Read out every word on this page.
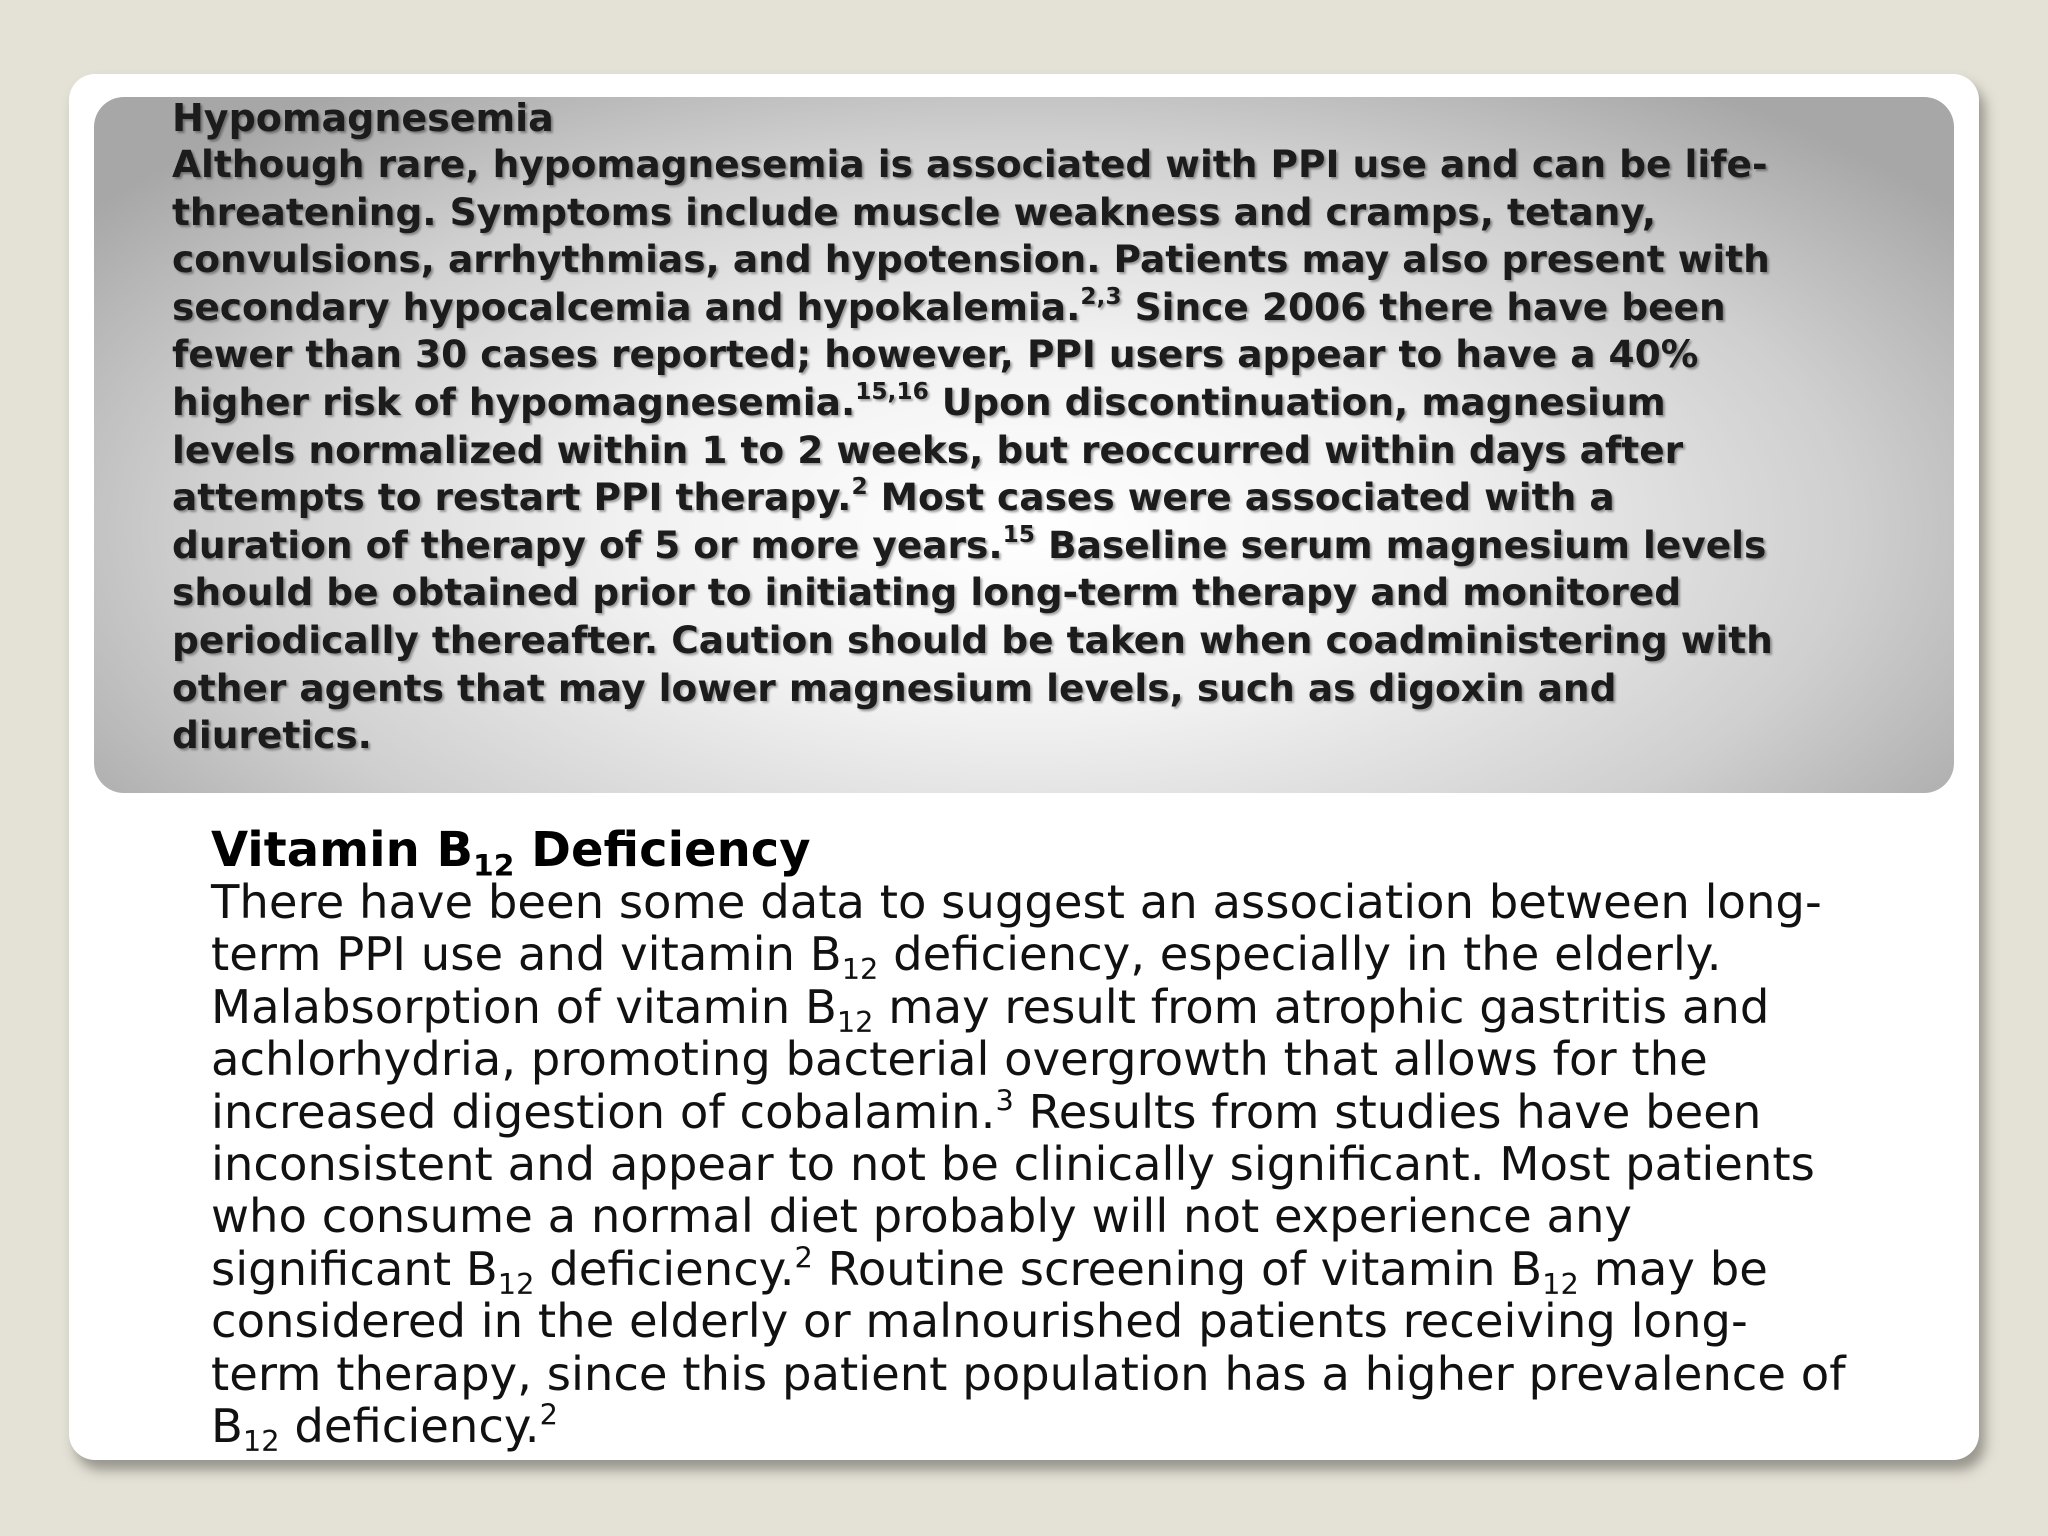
Hypomagnesemia
Although rare, hypomagnesemia is associated with PPI use and can be life-
threatening. Symptoms include muscle weakness and cramps, tetany,
convulsions, arrhythmias, and hypotension. Patients may also present with
secondary hypocalcemia and hypokalemia.$^{2,3}$ Since 2006 there have been
fewer than 30 cases reported; however, PPI users appear to have a 40%
higher risk of hypomagnesemia.$^{15,16}$ Upon discontinuation, magnesium
levels normalized within 1 to 2 weeks, but reoccurred within days after
attempts to restart PPI therapy.$^2$ Most cases were associated with a
duration of therapy of 5 or more years.$^{15}$ Baseline serum magnesium levels
should be obtained prior to initiating long-term therapy and monitored
periodically thereafter. Caution should be taken when coadministering with
other agents that may lower magnesium levels, such as digoxin and
diuretics.
Vitamin $B_{12}$ Deficiency
There have been some data to suggest an association between long-
term PPI use and vitamin $B_{12}$ deficiency, especially in the elderly.
Malabsorption of vitamin $B_{12}$ may result from atrophic gastritis and
achlorhydria, promoting bacterial overgrowth that allows for the
increased digestion of cobalamin.$^3$ Results from studies have been
inconsistent and appear to not be clinically significant. Most patients
who consume a normal diet probably will not experience any
significant $B_{12}$ deficiency.$^2$ Routine screening of vitamin $B_{12}$ may be
considered in the elderly or malnourished patients receiving long-
term therapy, since this patient population has a higher prevalence of
$B_{12}$ deficiency.$^2$
